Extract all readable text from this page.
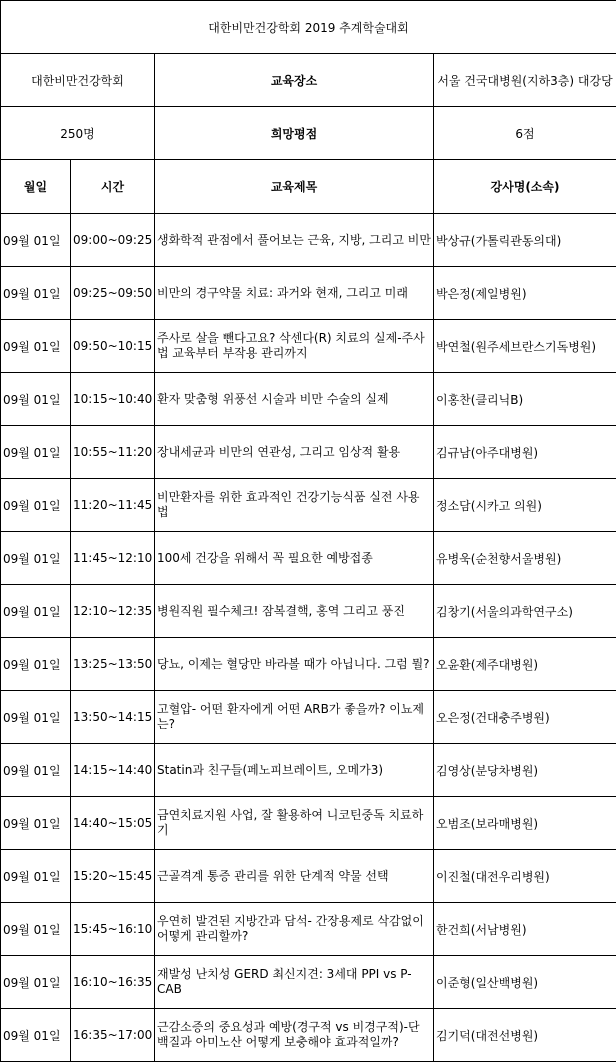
대한비만건강학회 2019 추계학술대회			
대한비만건강학회		교육장소	서울 건국대병원(지하3층) 대강당
250명		희망평점	6점
월일	시간	교육제목	강사명(소속)
09월 01일	09:00~09:25	생화학적 관점에서 풀어보는 근육, 지방, 그리고 비만	박상규(가톨릭관동의대)
09월 01일	09:25~09:50	비만의 경구약물 치료: 과거와 현재, 그리고 미래	박은정(제일병원)
09월 01일	09:50~10:15	주사로 살을 뺀다고요? 삭센다(R) 치료의 실제-주사법 교육부터 부작용 관리까지	박연철(원주세브란스기독병원)
09월 01일	10:15~10:40	환자 맞춤형 위풍선 시술과 비만 수술의 실제	이홍찬(클리닉B)
09월 01일	10:55~11:20	장내세균과 비만의 연관성, 그리고 임상적 활용	김규남(아주대병원)
09월 01일	11:20~11:45	비만환자를 위한 효과적인 건강기능식품 실전 사용법	정소담(시카고 의원)
09월 01일	11:45~12:10	100세 건강을 위해서 꼭 필요한 예방접종	유병욱(순천향서울병원)
09월 01일	12:10~12:35	병원직원 필수체크! 잠복결핵, 홍역 그리고 풍진	김창기(서울의과학연구소)
09월 01일	13:25~13:50	당뇨, 이제는 혈당만 바라볼 때가 아닙니다. 그럼 뭘?	오윤환(제주대병원)
09월 01일	13:50~14:15	고혈압- 어떤 환자에게 어떤 ARB가 좋을까? 이뇨제는?	오은정(건대충주병원)
09월 01일	14:15~14:40	Statin과 친구들(페노피브레이트, 오메가3)	김영상(분당차병원)
09월 01일	14:40~15:05	금연치료지원 사업, 잘 활용하여 니코틴중독 치료하기	오범조(보라매병원)
09월 01일	15:20~15:45	근골격계 통증 관리를 위한 단계적 약물 선택	이진철(대전우리병원)
09월 01일	15:45~16:10	우연히 발견된 지방간과 담석- 간장용제로 삭감없이 어떻게 관리할까?	한건희(서남병원)
09월 01일	16:10~16:35	재발성 난치성 GERD 최신지견: 3세대 PPI vs P-CAB	이준형(일산백병원)
09월 01일	16:35~17:00	근감소증의 중요성과 예방(경구적 vs 비경구적)-단백질과 아미노산 어떻게 보충해야 효과적일까?	김기덕(대전선병원)
